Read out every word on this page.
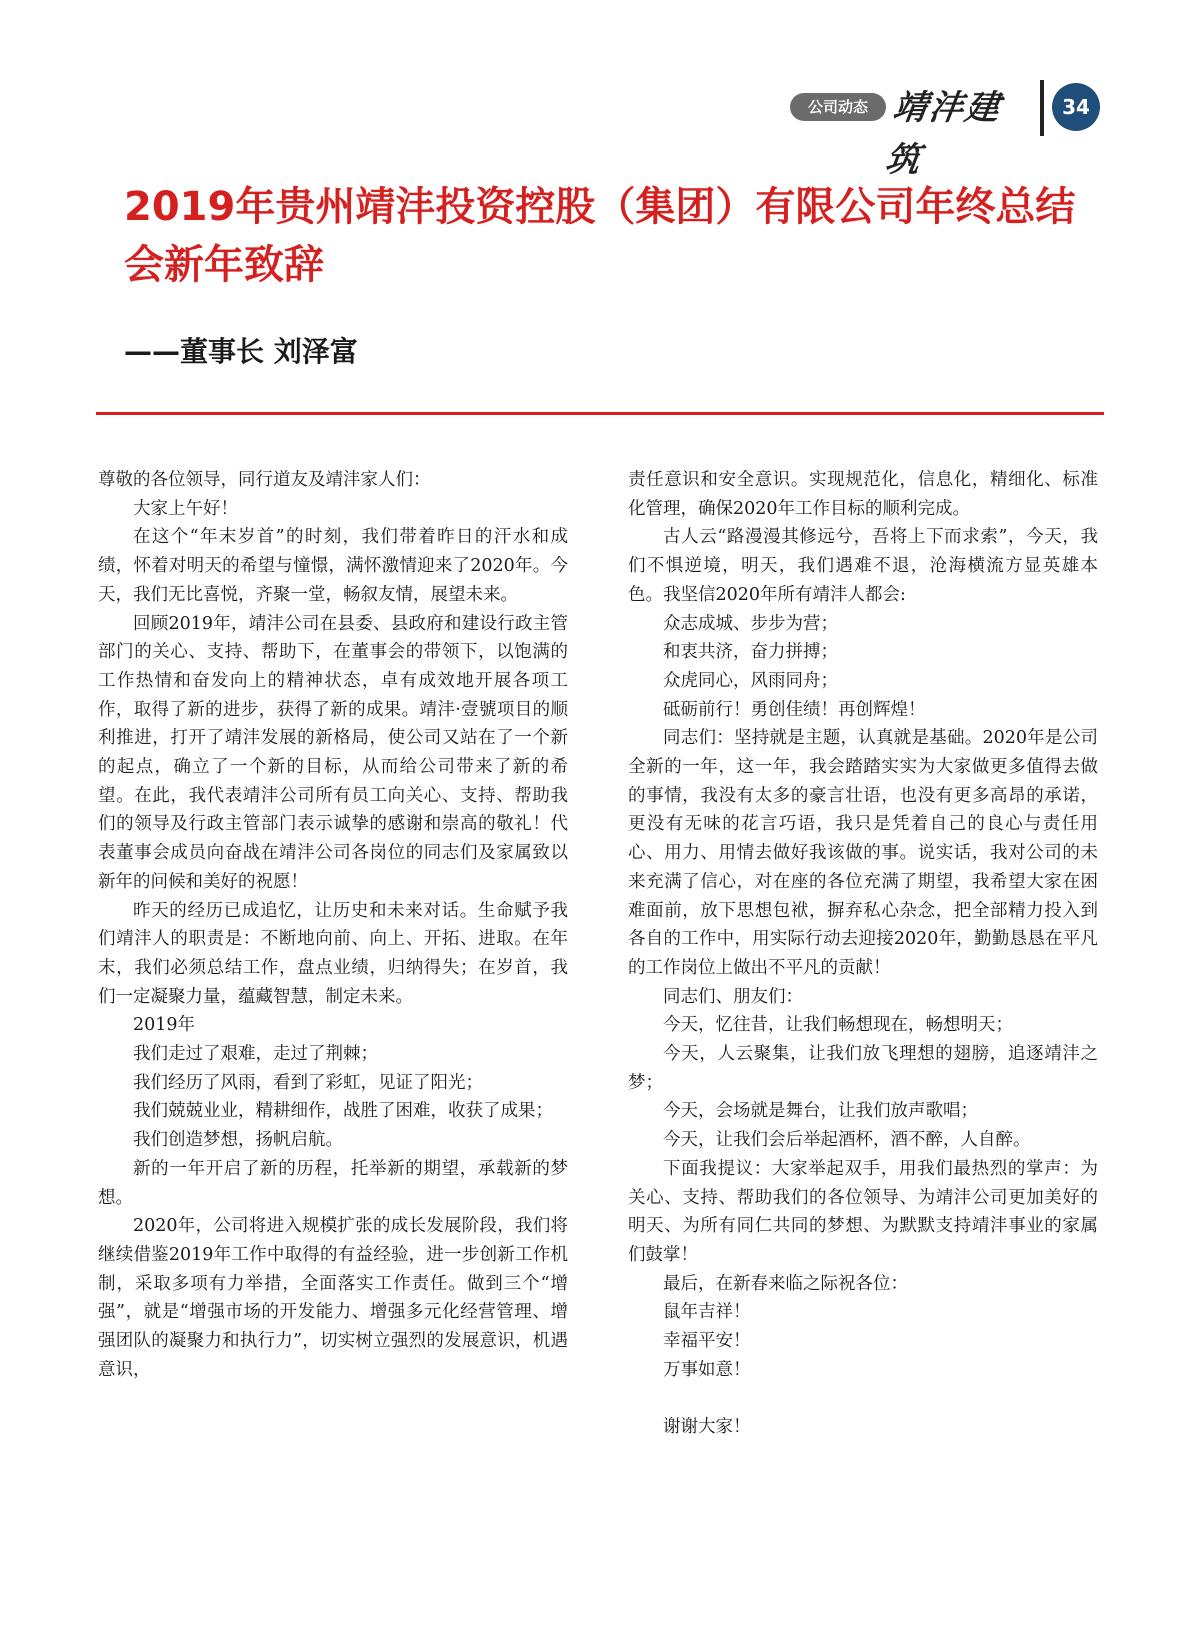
公司动态 靖沣建筑
34
2019年贵州靖沣投资控股（集团）有限公司年终总结会新年致辞
——董事长 刘泽富

尊敬的各位领导，同行道友及靖沣家人们：

大家上午好！

在这个“年末岁首”的时刻，我们带着昨日的汗水和成绩，怀着对明天的希望与憧憬，满怀激情迎来了2020年。今天，我们无比喜悦，齐聚一堂，畅叙友情，展望未来。

回顾2019年，靖沣公司在县委、县政府和建设行政主管部门的关心、支持、帮助下，在董事会的带领下，以饱满的工作热情和奋发向上的精神状态，卓有成效地开展各项工作，取得了新的进步，获得了新的成果。靖沣·壹號项目的顺利推进，打开了靖沣发展的新格局，使公司又站在了一个新的起点，确立了一个新的目标，从而给公司带来了新的希望。在此，我代表靖沣公司所有员工向关心、支持、帮助我们的领导及行政主管部门表示诚挚的感谢和崇高的敬礼！代表董事会成员向奋战在靖沣公司各岗位的同志们及家属致以新年的问候和美好的祝愿！

昨天的经历已成追忆，让历史和未来对话。生命赋予我们靖沣人的职责是：不断地向前、向上、开拓、进取。在年末，我们必须总结工作，盘点业绩，归纳得失；在岁首，我们一定凝聚力量，蕴藏智慧，制定未来。

2019年

我们走过了艰难，走过了荆棘；

我们经历了风雨，看到了彩虹，见证了阳光；

我们兢兢业业，精耕细作，战胜了困难，收获了成果；

我们创造梦想，扬帆启航。

新的一年开启了新的历程，托举新的期望，承载新的梦想。

2020年，公司将进入规模扩张的成长发展阶段，我们将继续借鉴2019年工作中取得的有益经验，进一步创新工作机制，采取多项有力举措，全面落实工作责任。做到三个“增强”，就是“增强市场的开发能力、增强多元化经营管理、增强团队的凝聚力和执行力”，切实树立强烈的发展意识，机遇意识，

责任意识和安全意识。实现规范化，信息化，精细化、标准化管理，确保2020年工作目标的顺利完成。

古人云“路漫漫其修远兮，吾将上下而求索”，今天，我们不惧逆境，明天，我们遇难不退，沧海横流方显英雄本色。我坚信2020年所有靖沣人都会:

众志成城、步步为营；

和衷共济，奋力拼搏；

众虎同心，风雨同舟；

砥砺前行！勇创佳绩！再创辉煌！

同志们：坚持就是主题，认真就是基础。2020年是公司全新的一年，这一年，我会踏踏实实为大家做更多值得去做的事情，我没有太多的豪言壮语，也没有更多高昂的承诺，更没有无味的花言巧语，我只是凭着自己的良心与责任用心、用力、用情去做好我该做的事。说实话，我对公司的未来充满了信心，对在座的各位充满了期望，我希望大家在困难面前，放下思想包袱，摒弃私心杂念，把全部精力投入到各自的工作中，用实际行动去迎接2020年，勤勤恳恳在平凡的工作岗位上做出不平凡的贡献！

同志们、朋友们：

今天，忆往昔，让我们畅想现在，畅想明天；

今天，人云聚集，让我们放飞理想的翅膀，追逐靖沣之梦；

今天，会场就是舞台，让我们放声歌唱；

今天，让我们会后举起酒杯，酒不醉，人自醉。

下面我提议：大家举起双手，用我们最热烈的掌声：为关心、支持、帮助我们的各位领导、为靖沣公司更加美好的明天、为所有同仁共同的梦想、为默默支持靖沣事业的家属们鼓掌！

最后，在新春来临之际祝各位：

鼠年吉祥！

幸福平安！

万事如意！

谢谢大家！
